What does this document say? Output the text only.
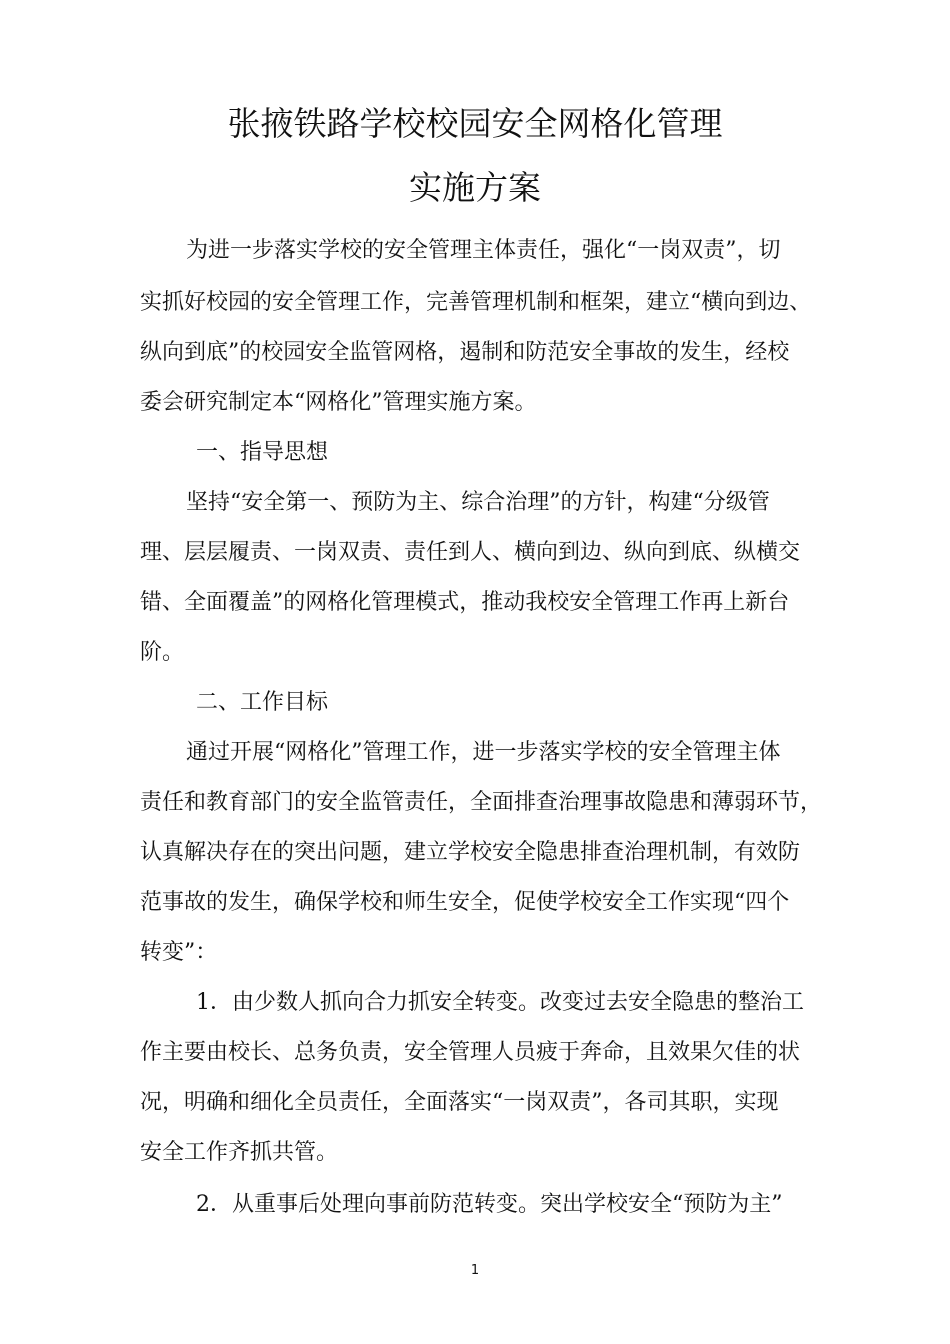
张掖铁路学校校园安全网格化管理
实施方案
为进一步落实学校的安全管理主体责任，强化“一岗双责”，切
实抓好校园的安全管理工作，完善管理机制和框架，建立“横向到边、
纵向到底”的校园安全监管网格，遏制和防范安全事故的发生，经校
委会研究制定本“网格化”管理实施方案。
一、指导思想
坚持“安全第一、预防为主、综合治理”的方针，构建“分级管
理、层层履责、一岗双责、责任到人、横向到边、纵向到底、纵横交
错、全面覆盖”的网格化管理模式，推动我校安全管理工作再上新台
阶。
二、工作目标
通过开展“网格化”管理工作，进一步落实学校的安全管理主体
责任和教育部门的安全监管责任，全面排查治理事故隐患和薄弱环节，
认真解决存在的突出问题，建立学校安全隐患排查治理机制，有效防
范事故的发生，确保学校和师生安全，促使学校安全工作实现“四个
转变”：
1．由少数人抓向合力抓安全转变。改变过去安全隐患的整治工
作主要由校长、总务负责，安全管理人员疲于奔命，且效果欠佳的状
况，明确和细化全员责任，全面落实“一岗双责”，各司其职，实现
安全工作齐抓共管。
2．从重事后处理向事前防范转变。突出学校安全“预防为主”
1
